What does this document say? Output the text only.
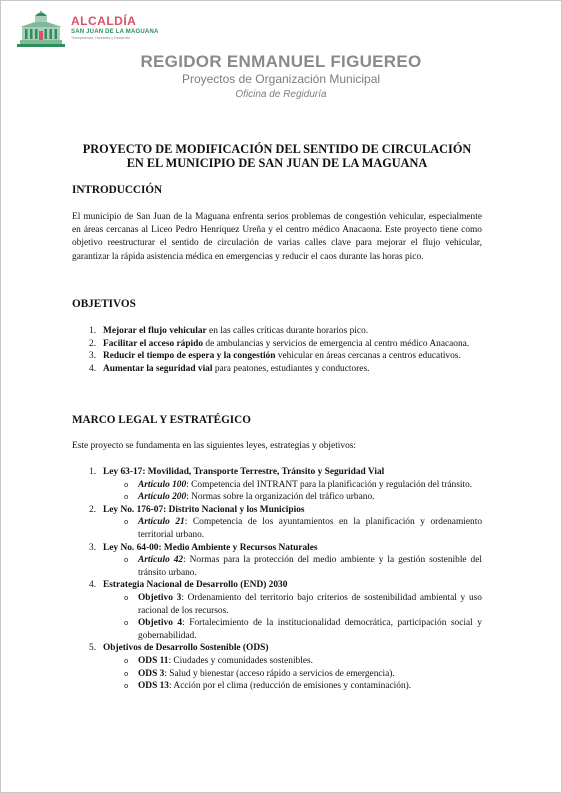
ALCALDÍA
SAN JUAN DE LA MAGUANA
Transparencia, Honradez y Desarrollo
REGIDOR ENMANUEL FIGUEREO
Proyectos de Organización Municipal
Oficina de Regiduría
PROYECTO DE MODIFICACIÓN DEL SENTIDO DE CIRCULACIÓN
EN EL MUNICIPIO DE SAN JUAN DE LA MAGUANA
INTRODUCCIÓN
El municipio de San Juan de la Maguana enfrenta serios problemas de congestión vehicular, especialmente en áreas cercanas al Liceo Pedro Henríquez Ureña y el centro médico Anacaona. Este proyecto tiene como objetivo reestructurar el sentido de circulación de varias calles clave para mejorar el flujo vehicular, garantizar la rápida asistencia médica en emergencias y reducir el caos durante las horas pico.
OBJETIVOS
1. Mejorar el flujo vehicular en las calles críticas durante horarios pico.
2. Facilitar el acceso rápido de ambulancias y servicios de emergencia al centro médico Anacaona.
3. Reducir el tiempo de espera y la congestión vehicular en áreas cercanas a centros educativos.
4. Aumentar la seguridad vial para peatones, estudiantes y conductores.
MARCO LEGAL Y ESTRATÉGICO
Este proyecto se fundamenta en las siguientes leyes, estrategias y objetivos:
1. Ley 63-17: Movilidad, Transporte Terrestre, Tránsito y Seguridad Vial
o Artículo 100: Competencia del INTRANT para la planificación y regulación del tránsito.
o Artículo 200: Normas sobre la organización del tráfico urbano.
2. Ley No. 176-07: Distrito Nacional y los Municipios
o Artículo 21: Competencia de los ayuntamientos en la planificación y ordenamiento territorial urbano.
3. Ley No. 64-00: Medio Ambiente y Recursos Naturales
o Artículo 42: Normas para la protección del medio ambiente y la gestión sostenible del tránsito urbano.
4. Estrategia Nacional de Desarrollo (END) 2030
o Objetivo 3: Ordenamiento del territorio bajo criterios de sostenibilidad ambiental y uso racional de los recursos.
o Objetivo 4: Fortalecimiento de la institucionalidad democrática, participación social y gobernabilidad.
5. Objetivos de Desarrollo Sostenible (ODS)
o ODS 11: Ciudades y comunidades sostenibles.
o ODS 3: Salud y bienestar (acceso rápido a servicios de emergencia).
o ODS 13: Acción por el clima (reducción de emisiones y contaminación).
